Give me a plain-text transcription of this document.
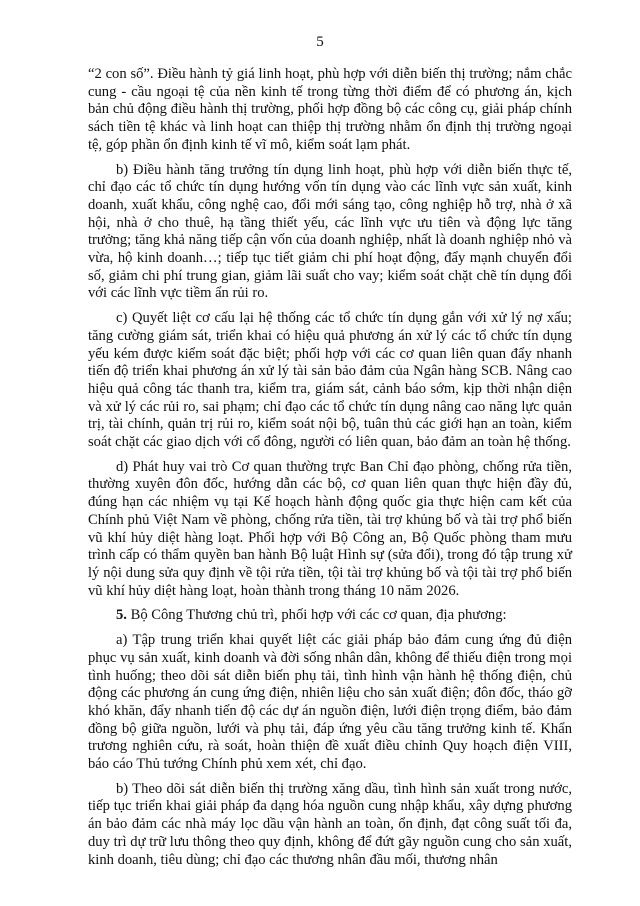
5

“2 con số”. Điều hành tỷ giá linh hoạt, phù hợp với diễn biến thị trường; nắm chắc cung - cầu ngoại tệ của nền kinh tế trong từng thời điểm để có phương án, kịch bản chủ động điều hành thị trường, phối hợp đồng bộ các công cụ, giải pháp chính sách tiền tệ khác và linh hoạt can thiệp thị trường nhằm ổn định thị trường ngoại tệ, góp phần ổn định kinh tế vĩ mô, kiểm soát lạm phát.

b) Điều hành tăng trưởng tín dụng linh hoạt, phù hợp với diễn biến thực tế, chỉ đạo các tổ chức tín dụng hướng vốn tín dụng vào các lĩnh vực sản xuất, kinh doanh, xuất khẩu, công nghệ cao, đổi mới sáng tạo, công nghiệp hỗ trợ, nhà ở xã hội, nhà ở cho thuê, hạ tầng thiết yếu, các lĩnh vực ưu tiên và động lực tăng trưởng; tăng khả năng tiếp cận vốn của doanh nghiệp, nhất là doanh nghiệp nhỏ và vừa, hộ kinh doanh…; tiếp tục tiết giảm chi phí hoạt động, đẩy mạnh chuyển đổi số, giảm chi phí trung gian, giảm lãi suất cho vay; kiểm soát chặt chẽ tín dụng đối với các lĩnh vực tiềm ẩn rủi ro.

c) Quyết liệt cơ cấu lại hệ thống các tổ chức tín dụng gắn với xử lý nợ xấu; tăng cường giám sát, triển khai có hiệu quả phương án xử lý các tổ chức tín dụng yếu kém được kiểm soát đặc biệt; phối hợp với các cơ quan liên quan đẩy nhanh tiến độ triển khai phương án xử lý tài sản bảo đảm của Ngân hàng SCB. Nâng cao hiệu quả công tác thanh tra, kiểm tra, giám sát, cảnh báo sớm, kịp thời nhận diện và xử lý các rủi ro, sai phạm; chỉ đạo các tổ chức tín dụng nâng cao năng lực quản trị, tài chính, quản trị rủi ro, kiểm soát nội bộ, tuân thủ các giới hạn an toàn, kiểm soát chặt các giao dịch với cổ đông, người có liên quan, bảo đảm an toàn hệ thống.

d) Phát huy vai trò Cơ quan thường trực Ban Chỉ đạo phòng, chống rửa tiền, thường xuyên đôn đốc, hướng dẫn các bộ, cơ quan liên quan thực hiện đầy đủ, đúng hạn các nhiệm vụ tại Kế hoạch hành động quốc gia thực hiện cam kết của Chính phủ Việt Nam về phòng, chống rửa tiền, tài trợ khủng bố và tài trợ phổ biến vũ khí hủy diệt hàng loạt. Phối hợp với Bộ Công an, Bộ Quốc phòng tham mưu trình cấp có thẩm quyền ban hành Bộ luật Hình sự (sửa đổi), trong đó tập trung xử lý nội dung sửa quy định về tội rửa tiền, tội tài trợ khủng bố và tội tài trợ phổ biến vũ khí hủy diệt hàng loạt, hoàn thành trong tháng 10 năm 2026.

5. Bộ Công Thương chủ trì, phối hợp với các cơ quan, địa phương:

a) Tập trung triển khai quyết liệt các giải pháp bảo đảm cung ứng đủ điện phục vụ sản xuất, kinh doanh và đời sống nhân dân, không để thiếu điện trong mọi tình huống; theo dõi sát diễn biến phụ tải, tình hình vận hành hệ thống điện, chủ động các phương án cung ứng điện, nhiên liệu cho sản xuất điện; đôn đốc, tháo gỡ khó khăn, đẩy nhanh tiến độ các dự án nguồn điện, lưới điện trọng điểm, bảo đảm đồng bộ giữa nguồn, lưới và phụ tải, đáp ứng yêu cầu tăng trưởng kinh tế. Khẩn trương nghiên cứu, rà soát, hoàn thiện đề xuất điều chỉnh Quy hoạch điện VIII, báo cáo Thủ tướng Chính phủ xem xét, chỉ đạo.

b) Theo dõi sát diễn biến thị trường xăng dầu, tình hình sản xuất trong nước, tiếp tục triển khai giải pháp đa dạng hóa nguồn cung nhập khẩu, xây dựng phương án bảo đảm các nhà máy lọc dầu vận hành an toàn, ổn định, đạt công suất tối đa, duy trì dự trữ lưu thông theo quy định, không để đứt gãy nguồn cung cho sản xuất, kinh doanh, tiêu dùng; chỉ đạo các thương nhân đầu mối, thương nhân
